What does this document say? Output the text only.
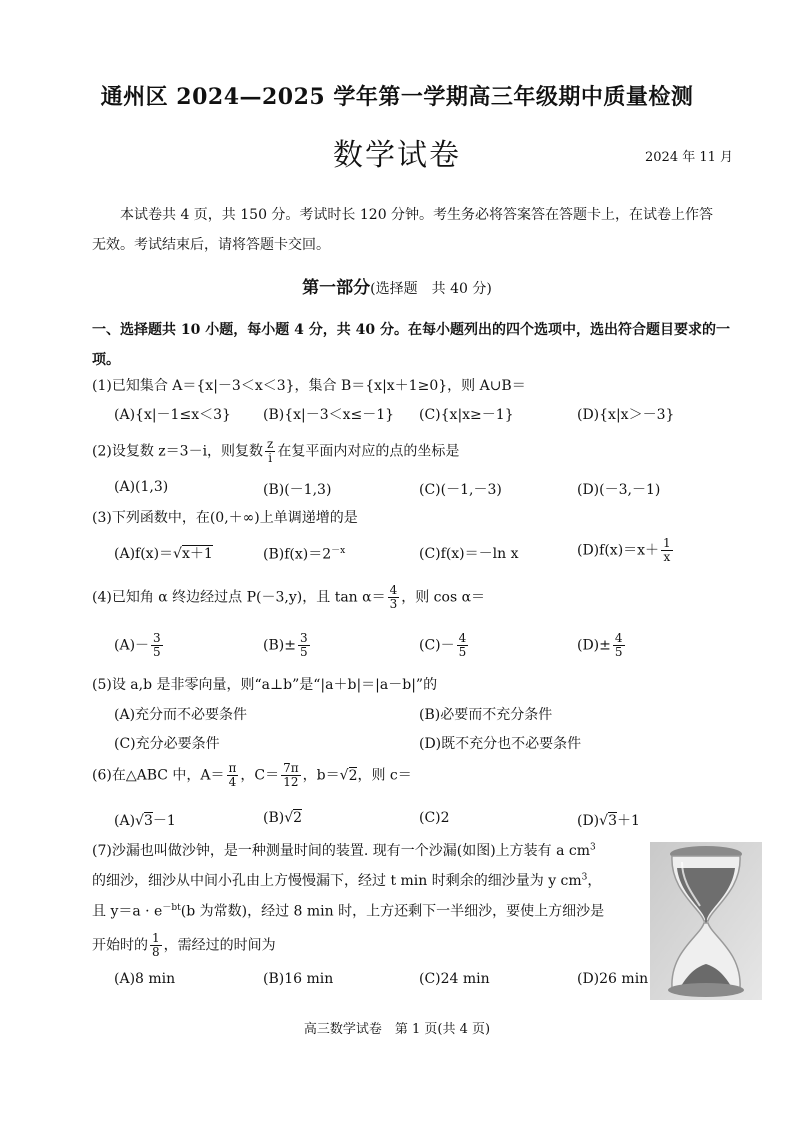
通州区 2024—2025 学年第一学期高三年级期中质量检测
数学试卷	2024 年 11 月
本试卷共 4 页，共 150 分。考试时长 120 分钟。考生务必将答案答在答题卡上，在试卷上作答无效。考试结束后，请将答题卡交回。
第一部分(选择题　共 40 分)
一、选择题共 10 小题，每小题 4 分，共 40 分。在每小题列出的四个选项中，选出符合题目要求的一项。
(1)已知集合 A＝{x|－3＜x＜3}，集合 B＝{x|x＋1≥0}，则 A∪B＝
(A){x|－1≤x＜3} (B){x|－3＜x≤－1} (C){x|x≥－1}	(D){x|x＞－3}
(2)设复数 z＝3－i，则复数 $\frac{z}{i}$ 在复平面内对应的点的坐标是
(A)(1,3)	(B)(－1,3)	(C)(－1,－3)	(D)(－3,－1)
(3)下列函数中，在(0,＋∞)上单调递增的是
(A)f(x)＝√x＋1	$(B)f(x)=2^{-x}$	(C)f(x)＝－ln x	$(D)f(x)=x+ \frac{1}{x}$
(4)已知角 α 终边经过点 P(－3,y)，且 $\tan \alpha= \frac{4}{3}$ ，则 cos α＝
$(A)- \frac{3}{5}$	$(B)\pm \frac{3}{5}$	$(C)- \frac{4}{5}$	$(D)\pm \frac{4}{5}$
(5)设 a,b 是非零向量，则“a⊥b”是“|a＋b|＝|a－b|”的
(A)充分而不必要条件	(B)必要而不充分条件
(C)充分必要条件	(D)既不充分也不必要条件
(6)在△ABC 中，$A= \frac{\pi}{4}$ ，$C= \frac{7\pi}{12}$ ，b＝√2，则 c＝
(A)√3－1	(B)√2	(C)2	(D)√3＋1
(7)沙漏也叫做沙钟，是一种测量时间的装置. 现有一个沙漏(如图)上方装有 a $cm^3$
的细沙，细沙从中间小孔由上方慢慢漏下，经过 t min 时剩余的细沙量为 y $cm^3$，
且 $y=a \cdot e^{-bt}(b$ 为常数)，经过 8 min 时，上方还剩下一半细沙，要使上方细沙是
开始时的 $\frac{1}{8}$ ，需经过的时间为
(A)8 min	(B)16 min	(C)24 min	(D)26 min
高三数学试卷　第 1 页(共 4 页)
